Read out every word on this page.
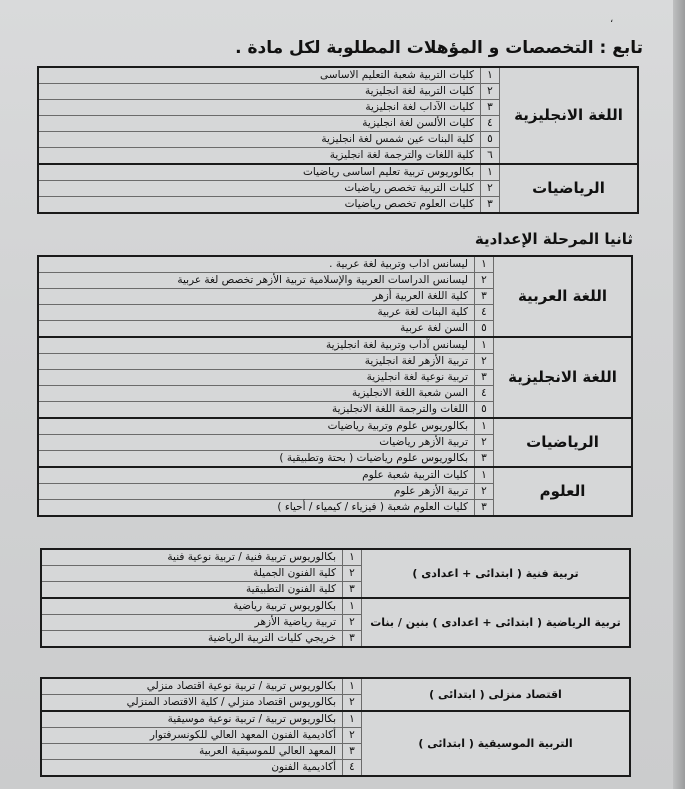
،
تابع : التخصصات و المؤهلات المطلوبة لكل مادة .
اللغة الانجليزية	١	كليات التربية شعبة التعليم الاساسى
	٢	كليات التربية لغة انجليزية
	٣	كليات الآداب لغة انجليزية
	٤	كليات الألسن لغة انجليزية
	٥	كلية البنات عين شمس لغة انجليزية
	٦	كلية اللغات والترجمة لغة انجليزية
الرياضيات	١	بكالوريوس تربية تعليم اساسى رياضيات
	٢	كليات التربية تخصص رياضيات
	٣	كليات العلوم تخصص رياضيات
ثانيا المرحلة الإعدادية
اللغة العربية	١	ليسانس اداب وتربية لغة عربية .
	٢	ليسانس الدراسات العربية والإسلامية تربية الأزهر تخصص لغة عربية
	٣	كلية اللغة العربية أزهر
	٤	كلية البنات لغة عربية
	٥	السن لغة عربية
اللغة الانجليزية	١	ليسانس آداب وتربية لغة انجليزية
	٢	تربية الأزهر لغة انجليزية
	٣	تربية نوعية لغة انجليزية
	٤	السن شعبة اللغة الانجليزية
	٥	اللغات والترجمة اللغة الانجليزية
الرياضيات	١	بكالوريوس علوم وتربية رياضيات
	٢	تربية الأزهر رياضيات
	٣	بكالوريوس علوم رياضيات ( بحتة وتطبيقية )
العلوم	١	كليات التربية شعبة علوم
	٢	تربية الأزهر علوم
	٣	كليات العلوم شعبة ( فيزياء / كيمياء / أحياء )
تربية فنية ( ابتدائى + اعدادى )	١	بكالوريوس تربية فنية / تربية نوعية فنية
	٢	كلية الفنون الجميلة
	٣	كلية الفنون التطبيقية
تربية الرياضية ( ابتدائى + اعدادى ) بنين / بنات	١	بكالوريوس تربية رياضية
	٢	تربية رياضية الأزهر
	٣	خريجي كليات التربية الرياضية
اقتصاد منزلى ( ابتدائى )	١	بكالوريوس تربية / تربية نوعية اقتصاد منزلي
	٢	بكالوريوس اقتصاد منزلي / كلية الاقتصاد المنزلي
التربية الموسيقية ( ابتدائى )	١	بكالوريوس تربية / تربية نوعية موسيقية
	٢	أكاديمية الفنون المعهد العالي للكونسرفتوار
	٣	المعهد العالي للموسيقية العربية
	٤	أكاديمية الفنون
